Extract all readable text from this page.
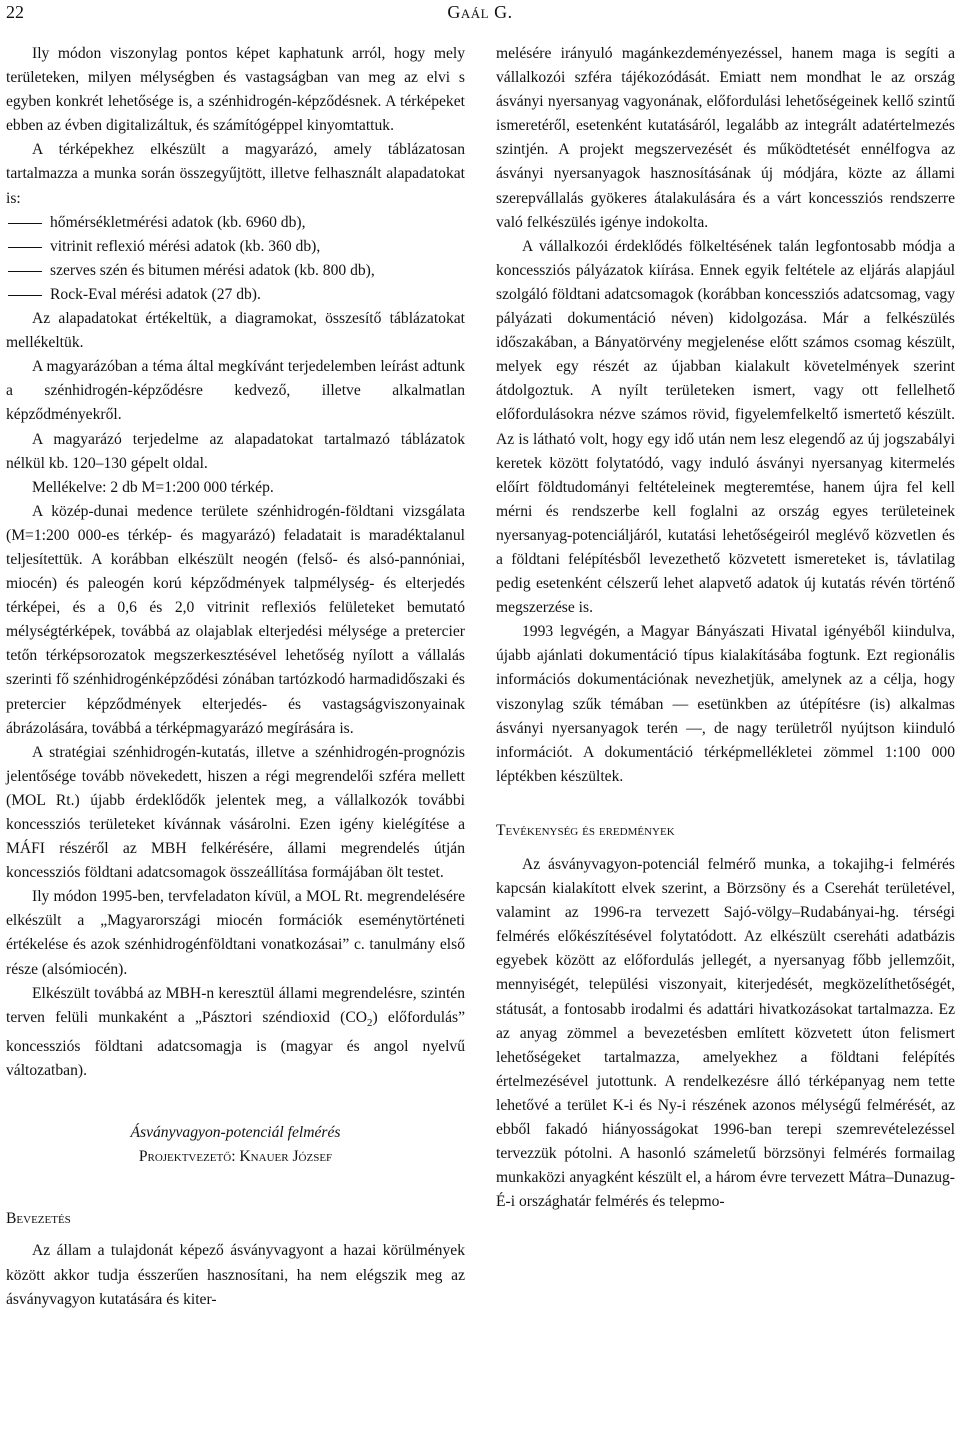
22	Gaál G.

Ily módon viszonylag pontos képet kaphatunk arról, hogy mely területeken, milyen mélységben és vastagságban van meg az elvi s egyben konkrét lehetősége is, a szénhidrogén-képződésnek. A térképeket ebben az évben digitalizáltuk, és számítógéppel kinyomtattuk.

A térképekhez elkészült a magyarázó, amely táblázatosan tartalmazza a munka során összegyűjtött, illetve felhasznált alapadatokat is:

hőmérsékletmérési adatok (kb. 6960 db),
vitrinit reflexió mérési adatok (kb. 360 db),
szerves szén és bitumen mérési adatok (kb. 800 db),
Rock-Eval mérési adatok (27 db).

Az alapadatokat értékeltük, a diagramokat, összesítő táblázatokat mellékeltük.

A magyarázóban a téma által megkívánt terjedelemben leírást adtunk a szénhidrogén-képződésre kedvező, illetve alkalmatlan képződményekről.

A magyarázó terjedelme az alapadatokat tartalmazó táblázatok nélkül kb. 120–130 gépelt oldal.

Mellékelve: 2 db M=1:200 000 térkép.

A közép-dunai medence területe szénhidrogén-földtani vizsgálata (M=1:200 000-es térkép- és magyarázó) feladatait is maradéktalanul teljesítettük. A korábban elkészült neogén (felső- és alsó-pannóniai, miocén) és paleogén korú képződmények talpmélység- és elterjedés térképei, és a 0,6 és 2,0 vitrinit reflexiós felületeket bemutató mélységtérképek, továbbá az olajablak elterjedési mélysége a pretercier tetőn térképsorozatok megszerkesztésével lehetőség nyílott a vállalás szerinti fő szénhidrogénképződési zónában tartózkodó harmadidőszaki és pretercier képződmények elterjedés- és vastagságviszonyainak ábrázolására, továbbá a térképmagyarázó megírására is.

A stratégiai szénhidrogén-kutatás, illetve a szénhidrogén-prognózis jelentősége tovább növekedett, hiszen a régi megrendelői szféra mellett (MOL Rt.) újabb érdeklődők jelentek meg, a vállalkozók további koncessziós területeket kívánnak vásárolni. Ezen igény kielégítése a MÁFI részéről az MBH felkérésére, állami megrendelés útján koncessziós földtani adatcsomagok összeállítása formájában ölt testet.

Ily módon 1995-ben, tervfeladaton kívül, a MOL Rt. megrendelésére elkészült a „Magyarországi miocén formációk eseménytörténeti értékelése és azok szénhidrogénföldtani vonatkozásai” c. tanulmány első része (alsómiocén).

Elkészült továbbá az MBH-n keresztül állami megrendelésre, szintén terven felüli munkaként a „Pásztori széndioxid $(CO_2)$ előfordulás” koncessziós földtani adatcsomagja is (magyar és angol nyelvű változatban).

Ásványvagyon-potenciál felmérés
Projektvezető: Knauer József
Bevezetés

Az állam a tulajdonát képező ásványvagyont a hazai körülmények között akkor tudja ésszerűen hasznosítani, ha nem elégszik meg az ásványvagyon kutatására és kiter-

melésére irányuló magánkezdeményezéssel, hanem maga is segíti a vállalkozói szféra tájékozódását. Emiatt nem mondhat le az ország ásványi nyersanyag vagyonának, előfordulási lehetőségeinek kellő szintű ismeretéről, esetenként kutatásáról, legalább az integrált adatértelmezés szintjén. A projekt megszervezését és működtetését ennélfogva az ásványi nyersanyagok hasznosításának új módjára, közte az állami szerepvállalás gyökeres átalakulására és a várt koncessziós rendszerre való felkészülés igénye indokolta.

A vállalkozói érdeklődés fölkeltésének talán legfontosabb módja a koncessziós pályázatok kiírása. Ennek egyik feltétele az eljárás alapjául szolgáló földtani adatcsomagok (korábban koncessziós adatcsomag, vagy pályázati dokumentáció néven) kidolgozása. Már a felkészülés időszakában, a Bányatörvény megjelenése előtt számos csomag készült, melyek egy részét az újabban kialakult követelmények szerint átdolgoztuk. A nyílt területeken ismert, vagy ott fellelhető előfordulásokra nézve számos rövid, figyelemfelkeltő ismertető készült. Az is látható volt, hogy egy idő után nem lesz elegendő az új jogszabályi keretek között folytatódó, vagy induló ásványi nyersanyag kitermelés előírt földtudományi feltételeinek megteremtése, hanem újra fel kell mérni és rendszerbe kell foglalni az ország egyes területeinek nyersanyag-potenciáljáról, kutatási lehetőségeiról meglévő közvetlen és a földtani felépítésből levezethető közvetett ismereteket is, távlatilag pedig esetenként célszerű lehet alapvető adatok új kutatás révén történő megszerzése is.

1993 legvégén, a Magyar Bányászati Hivatal igényéből kiindulva, újabb ajánlati dokumentáció típus kialakításába fogtunk. Ezt regionális információs dokumentációnak nevezhetjük, amelynek az a célja, hogy viszonylag szűk témában — esetünkben az útépítésre (is) alkalmas ásványi nyersanyagok terén —, de nagy területről nyújtson kiinduló információt. A dokumentáció térképmellékletei zömmel 1:100 000 léptékben készültek.

Tevékenység és eredmények

Az ásványvagyon-potenciál felmérő munka, a tokajihg-i felmérés kapcsán kialakított elvek szerint, a Börzsöny és a Cserehát területével, valamint az 1996-ra tervezett Sajó-völgy–Rudabányai-hg. térségi felmérés előkészítésével folytatódott. Az elkészült csereháti adatbázis egyebek között az előfordulás jellegét, a nyersanyag főbb jellemzőit, mennyiségét, települési viszonyait, kiterjedését, megközelíthetőségét, státusát, a fontosabb irodalmi és adattári hivatkozásokat tartalmazza. Ez az anyag zömmel a bevezetésben említett közvetett úton felismert lehetőségeket tartalmazza, amelyekhez a földtani felépítés értelmezésével jutottunk. A rendelkezésre álló térképanyag nem tette lehetővé a terület K-i és Ny-i részének azonos mélységű felmérését, az ebből fakadó hiányosságokat 1996-ban terepi szemrevételezéssel tervezzük pótolni. A hasonló számeletű börzsönyi felmérés formailag munkaközi anyagként készült el, a három évre tervezett Mátra–Dunazug-É-i országhatár felmérés és telepmo-
